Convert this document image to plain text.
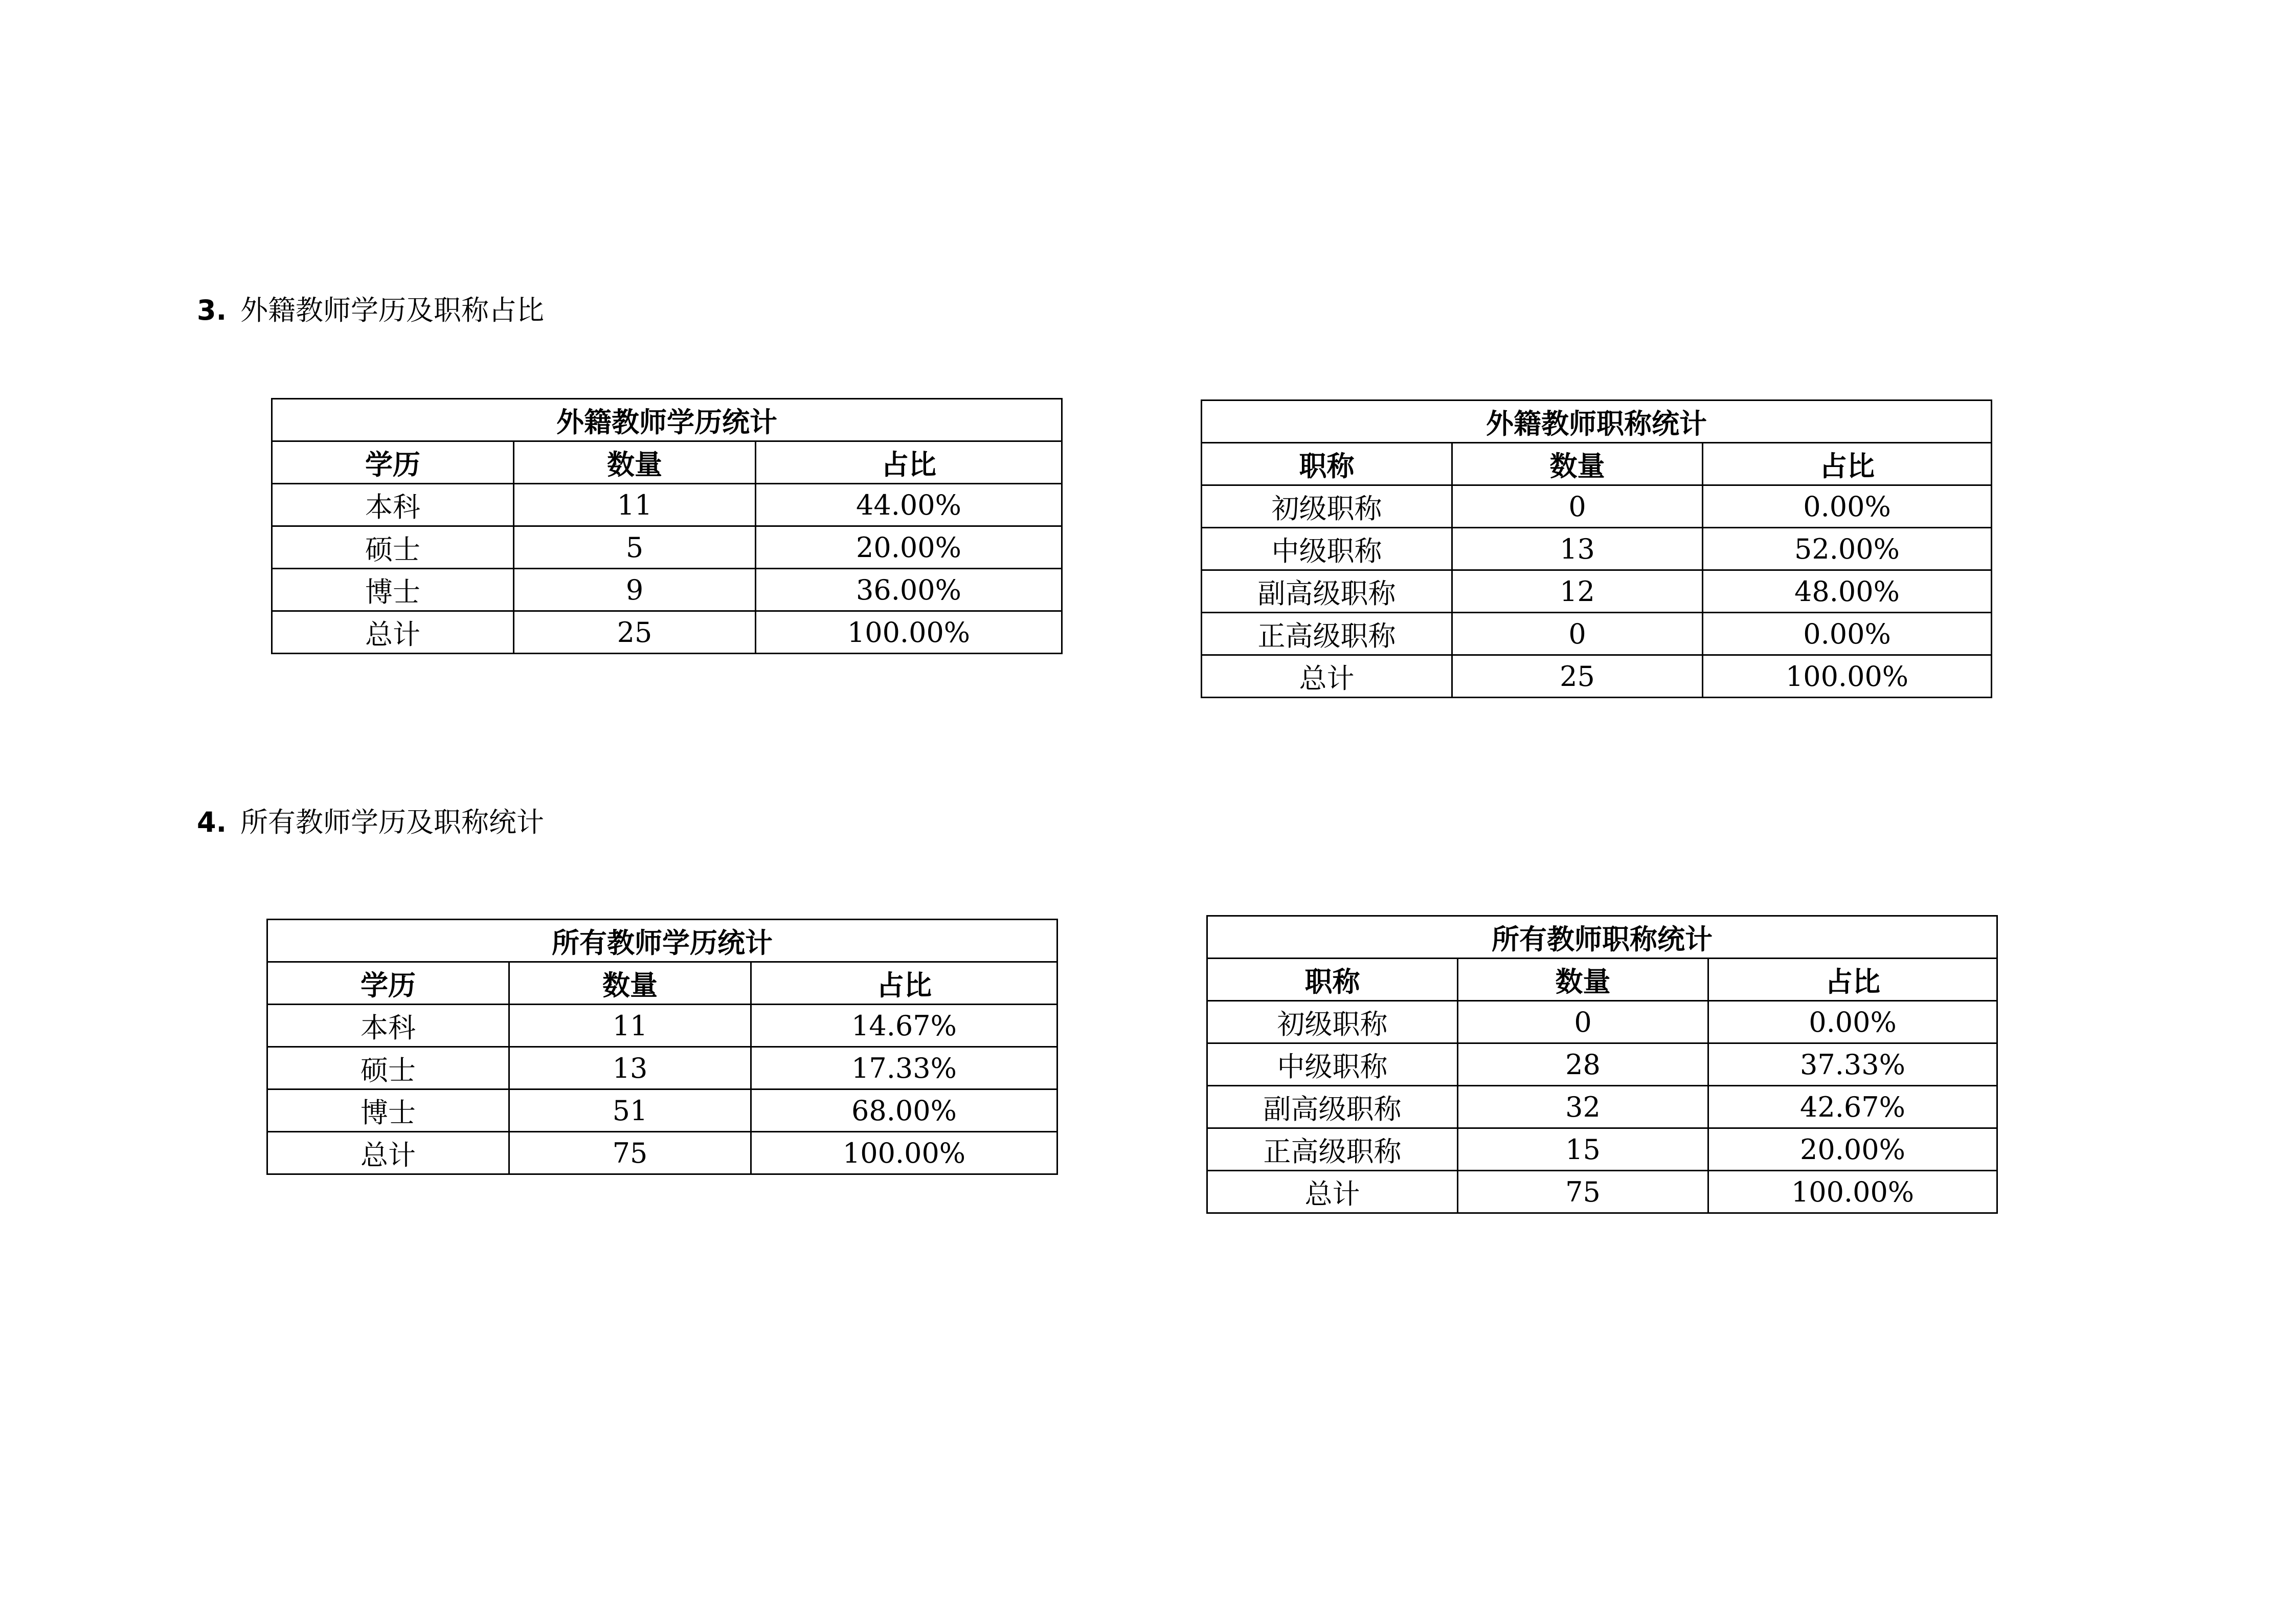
3. 外籍教师学历及职称占比
外籍教师学历统计		
学历	数量	占比
本科	11	44.00%
硕士	5	20.00%
博士	9	36.00%
总计	25	100.00%
外籍教师职称统计		
职称	数量	占比
初级职称	0	0.00%
中级职称	13	52.00%
副高级职称	12	48.00%
正高级职称	0	0.00%
总计	25	100.00%
4. 所有教师学历及职称统计
所有教师学历统计		
学历	数量	占比
本科	11	14.67%
硕士	13	17.33%
博士	51	68.00%
总计	75	100.00%
所有教师职称统计		
职称	数量	占比
初级职称	0	0.00%
中级职称	28	37.33%
副高级职称	32	42.67%
正高级职称	15	20.00%
总计	75	100.00%
